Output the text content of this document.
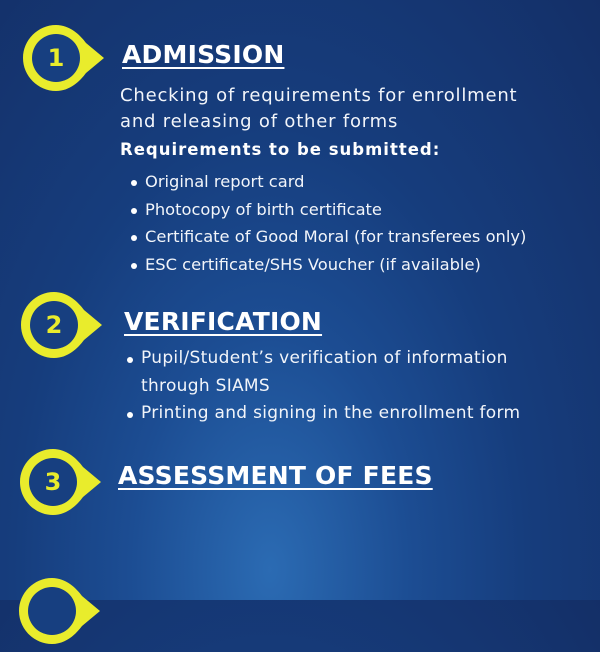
1	ADMISSION
Checking of requirements for enrollment and releasing of other forms
Requirements to be submitted:
Original report card
Photocopy of birth certificate
Certificate of Good Moral (for transferees only)
ESC certificate/SHS Voucher (if available)
2	VERIFICATION
Pupil/Student’s verification of information through SIAMS
Printing and signing in the enrollment form
3	ASSESSMENT OF FEES
